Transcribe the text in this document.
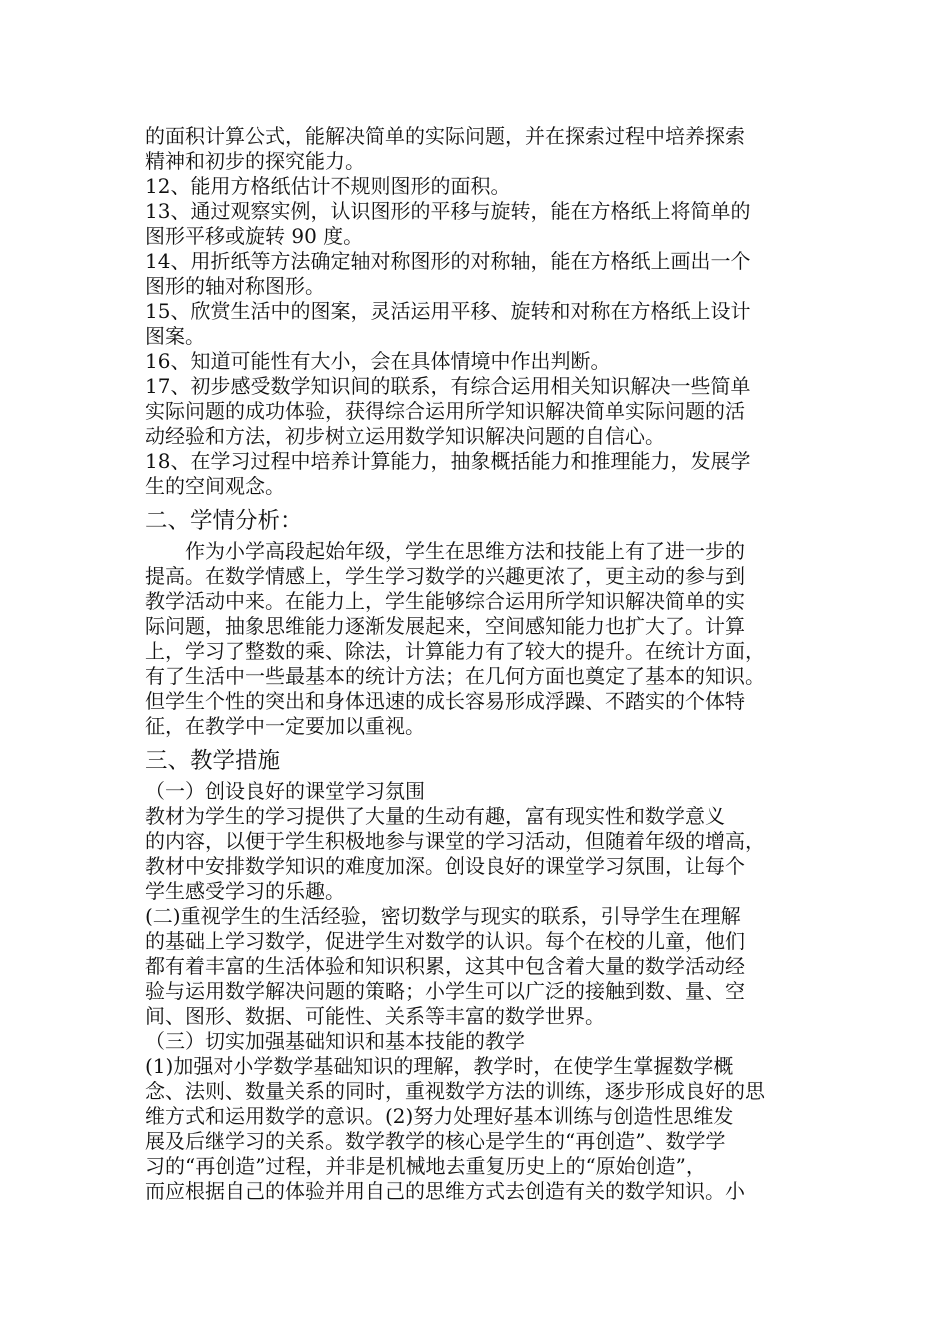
的面积计算公式，能解决简单的实际问题，并在探索过程中培养探索
精神和初步的探究能力。
12、能用方格纸估计不规则图形的面积。
13、通过观察实例，认识图形的平移与旋转，能在方格纸上将简单的
图形平移或旋转 90 度。
14、用折纸等方法确定轴对称图形的对称轴，能在方格纸上画出一个
图形的轴对称图形。
15、欣赏生活中的图案，灵活运用平移、旋转和对称在方格纸上设计
图案。
16、知道可能性有大小，会在具体情境中作出判断。
17、初步感受数学知识间的联系，有综合运用相关知识解决一些简单
实际问题的成功体验，获得综合运用所学知识解决简单实际问题的活
动经验和方法，初步树立运用数学知识解决问题的自信心。
18、在学习过程中培养计算能力，抽象概括能力和推理能力，发展学
生的空间观念。
二、学情分析：
　　作为小学高段起始年级，学生在思维方法和技能上有了进一步的
提高。在数学情感上，学生学习数学的兴趣更浓了，更主动的参与到
教学活动中来。在能力上，学生能够综合运用所学知识解决简单的实
际问题，抽象思维能力逐渐发展起来，空间感知能力也扩大了。计算
上，学习了整数的乘、除法，计算能力有了较大的提升。在统计方面，
有了生活中一些最基本的统计方法；在几何方面也奠定了基本的知识。
但学生个性的突出和身体迅速的成长容易形成浮躁、不踏实的个体特
征，在教学中一定要加以重视。
三、教学措施
（一）创设良好的课堂学习氛围
教材为学生的学习提供了大量的生动有趣，富有现实性和数学意义
的内容，以便于学生积极地参与课堂的学习活动，但随着年级的增高，
教材中安排数学知识的难度加深。创设良好的课堂学习氛围，让每个
学生感受学习的乐趣。
(二)重视学生的生活经验，密切数学与现实的联系，引导学生在理解
的基础上学习数学，促进学生对数学的认识。每个在校的儿童，他们
都有着丰富的生活体验和知识积累，这其中包含着大量的数学活动经
验与运用数学解决问题的策略；小学生可以广泛的接触到数、量、空
间、图形、数据、可能性、关系等丰富的数学世界。
（三）切实加强基础知识和基本技能的教学
(1)加强对小学数学基础知识的理解，教学时，在使学生掌握数学概
念、法则、数量关系的同时，重视数学方法的训练，逐步形成良好的思
维方式和运用数学的意识。(2)努力处理好基本训练与创造性思维发
展及后继学习的关系。数学教学的核心是学生的“再创造”、数学学
习的“再创造”过程，并非是机械地去重复历史上的“原始创造”，
而应根据自己的体验并用自己的思维方式去创造有关的数学知识。小
